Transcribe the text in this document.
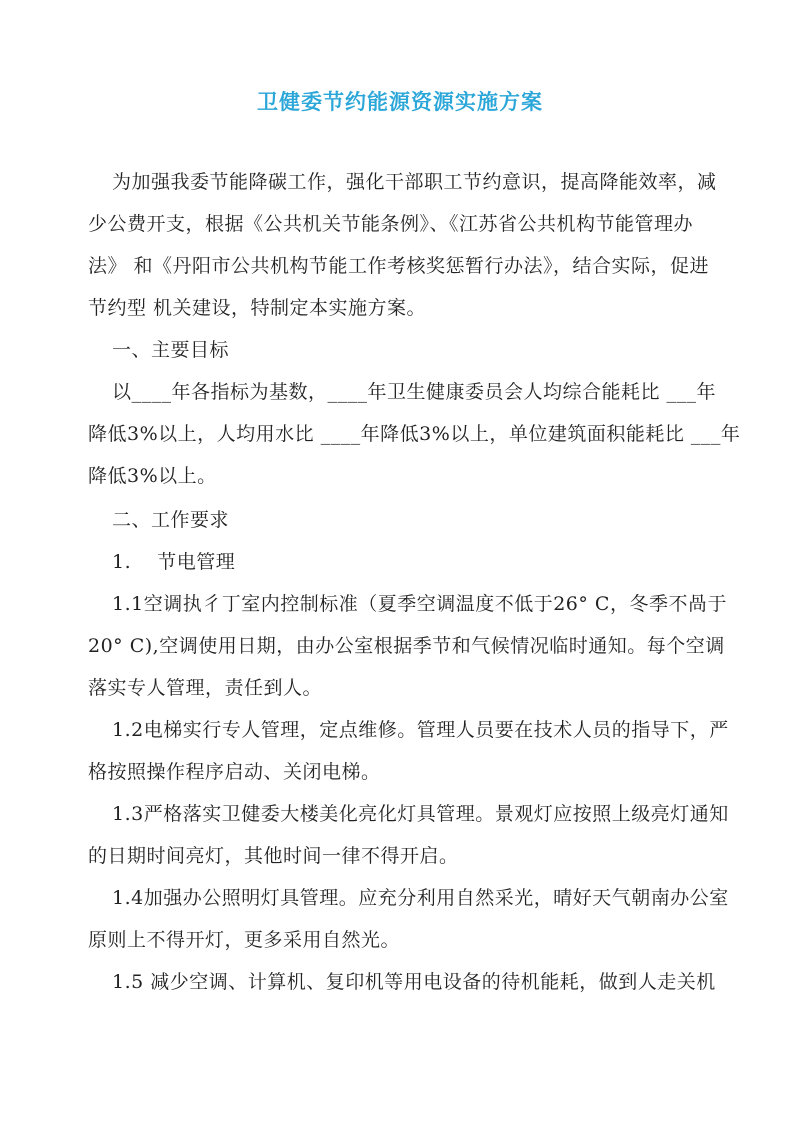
卫健委节约能源资源实施方案
为加强我委节能降碳工作，强化干部职工节约意识，提高降能效率，减
少公费开支，根据《公共机关节能条例》、《江苏省公共机构节能管理办
法》 和《丹阳市公共机构节能工作考核奖惩暂行办法》，结合实际，促进
节约型 机关建设，特制定本实施方案。
一、主要目标
以____年各指标为基数，____年卫生健康委员会人均综合能耗比 ___年
降低3%以上，人均用水比 ____年降低3%以上，单位建筑面积能耗比 ___年
降低3%以上。
二、工作要求
1.    节电管理
1.1空调执彳丁室内控制标准（夏季空调温度不低于26° C，冬季不咼于
20° C),空调使用日期，由办公室根据季节和气候情况临时通知。每个空调
落实专人管理，责任到人。
1.2电梯实行专人管理，定点维修。管理人员要在技术人员的指导下，严
格按照操作程序启动、关闭电梯。
1.3严格落实卫健委大楼美化亮化灯具管理。景观灯应按照上级亮灯通知
的日期时间亮灯，其他时间一律不得开启。
1.4加强办公照明灯具管理。应充分利用自然采光，晴好天气朝南办公室
原则上不得开灯，更多采用自然光。
1.5 减少空调、计算机、复印机等用电设备的待机能耗，做到人走关机
